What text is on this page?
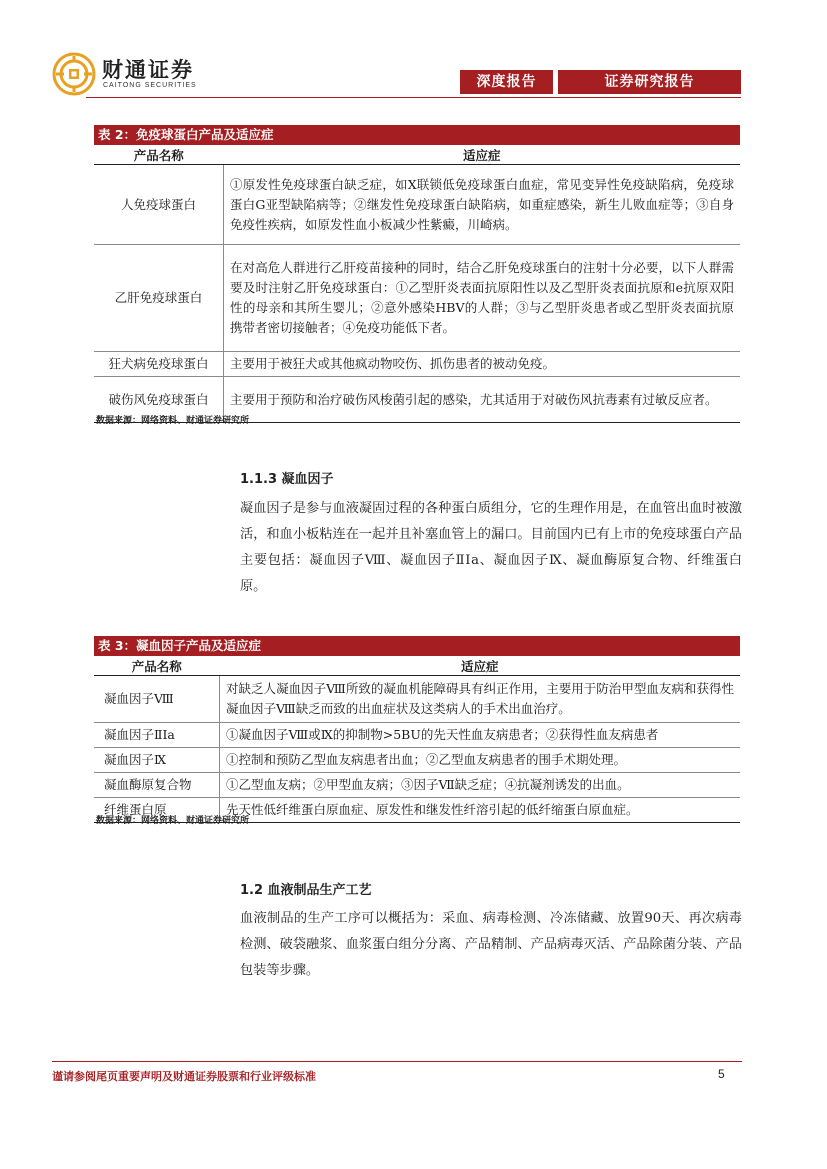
财通证券
CAITONG SECURITIES	深度报告	证券研究报告
表 2：免疫球蛋白产品及适应症
产品名称	适应症
人免疫球蛋白	①原发性免疫球蛋白缺乏症，如X联锁低免疫球蛋白血症，常见变异性免疫缺陷病，免疫球蛋白G亚型缺陷病等；②继发性免疫球蛋白缺陷病，如重症感染，新生儿败血症等；③自身免疫性疾病，如原发性血小板减少性紫癜，川崎病。
乙肝免疫球蛋白	在对高危人群进行乙肝疫苗接种的同时，结合乙肝免疫球蛋白的注射十分必要，以下人群需要及时注射乙肝免疫球蛋白：①乙型肝炎表面抗原阳性以及乙型肝炎表面抗原和e抗原双阳性的母亲和其所生婴儿；②意外感染HBV的人群；③与乙型肝炎患者或乙型肝炎表面抗原携带者密切接触者；④免疫功能低下者。
狂犬病免疫球蛋白	主要用于被狂犬或其他疯动物咬伤、抓伤患者的被动免疫。
破伤风免疫球蛋白	主要用于预防和治疗破伤风梭菌引起的感染，尤其适用于对破伤风抗毒素有过敏反应者。
数据来源：网络资料、财通证券研究所
1.1.3 凝血因子
凝血因子是参与血液凝固过程的各种蛋白质组分，它的生理作用是，在血管出血时被激活，和血小板粘连在一起并且补塞血管上的漏口。目前国内已有上市的免疫球蛋白产品主要包括：凝血因子Ⅷ、凝血因子ⅡⅠa、凝血因子Ⅸ、凝血酶原复合物、纤维蛋白原。
表 3：凝血因子产品及适应症
产品名称	适应症
凝血因子Ⅷ	对缺乏人凝血因子Ⅷ所致的凝血机能障碍具有纠正作用，主要用于防治甲型血友病和获得性凝血因子Ⅷ缺乏而致的出血症状及这类病人的手术出血治疗。
凝血因子ⅡⅠa	①凝血因子Ⅷ或Ⅸ的抑制物>5BU的先天性血友病患者；②获得性血友病患者
凝血因子Ⅸ	①控制和预防乙型血友病患者出血；②乙型血友病患者的围手术期处理。
凝血酶原复合物	①乙型血友病；②甲型血友病；③因子Ⅶ缺乏症；④抗凝剂诱发的出血。
纤维蛋白原	先天性低纤维蛋白原血症、原发性和继发性纤溶引起的低纤缩蛋白原血症。
数据来源：网络资料、财通证券研究所
1.2 血液制品生产工艺
血液制品的生产工序可以概括为：采血、病毒检测、冷冻储藏、放置90天、再次病毒检测、破袋融浆、血浆蛋白组分分离、产品精制、产品病毒灭活、产品除菌分装、产品包装等步骤。
谨请参阅尾页重要声明及财通证券股票和行业评级标准	5
